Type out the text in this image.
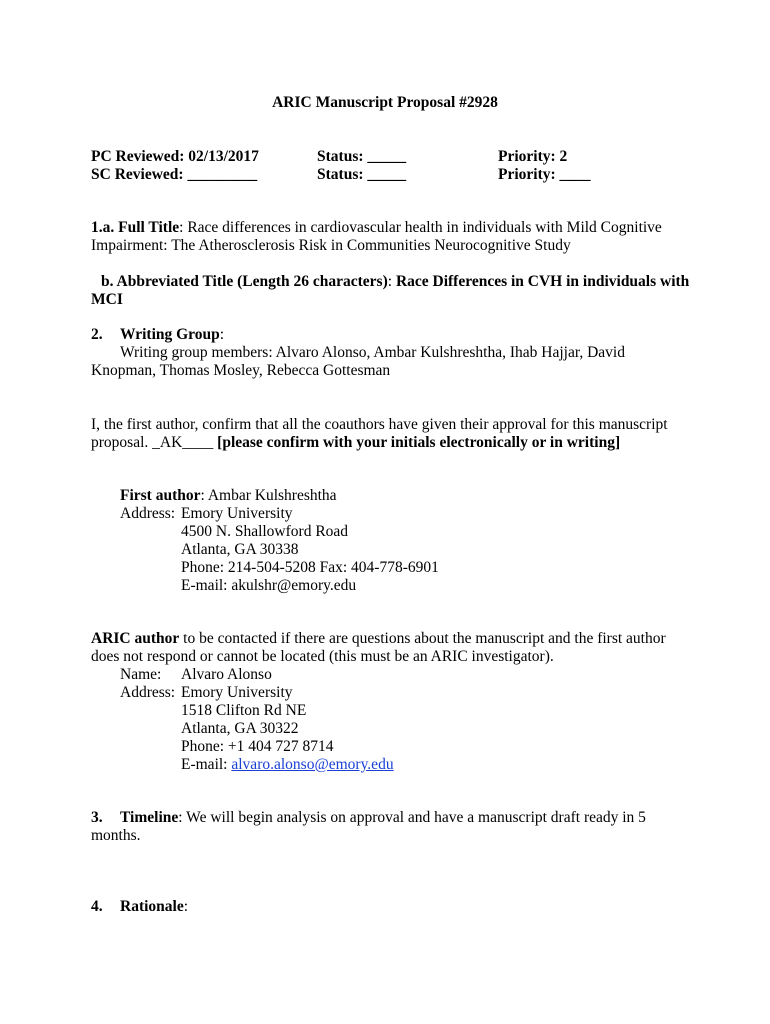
ARIC Manuscript Proposal #2928
PC Reviewed: 02/13/2017
SC Reviewed: _________
Status: _____
Status: _____
Priority: 2
Priority: ____
1.a. Full Title: Race differences in cardiovascular health in individuals with Mild Cognitive
Impairment: The Atherosclerosis Risk in Communities Neurocognitive Study
b. Abbreviated Title (Length 26 characters): Race Differences in CVH in individuals with
MCI
2. Writing Group:
Writing group members: Alvaro Alonso, Ambar Kulshreshtha, Ihab Hajjar, David
Knopman, Thomas Mosley, Rebecca Gottesman
I, the first author, confirm that all the coauthors have given their approval for this manuscript
proposal. _AK____ [please confirm with your initials electronically or in writing]
First author: Ambar Kulshreshtha
Address: Emory University
4500 N. Shallowford Road
Atlanta, GA 30338
Phone: 214-504-5208 Fax: 404-778-6901
E-mail: akulshr@emory.edu
ARIC author to be contacted if there are questions about the manuscript and the first author
does not respond or cannot be located (this must be an ARIC investigator).
Name: Alvaro Alonso
Address: Emory University
1518 Clifton Rd NE
Atlanta, GA 30322
Phone: +1 404 727 8714
E-mail: alvaro.alonso@emory.edu
3. Timeline: We will begin analysis on approval and have a manuscript draft ready in 5
months.
4. Rationale:
